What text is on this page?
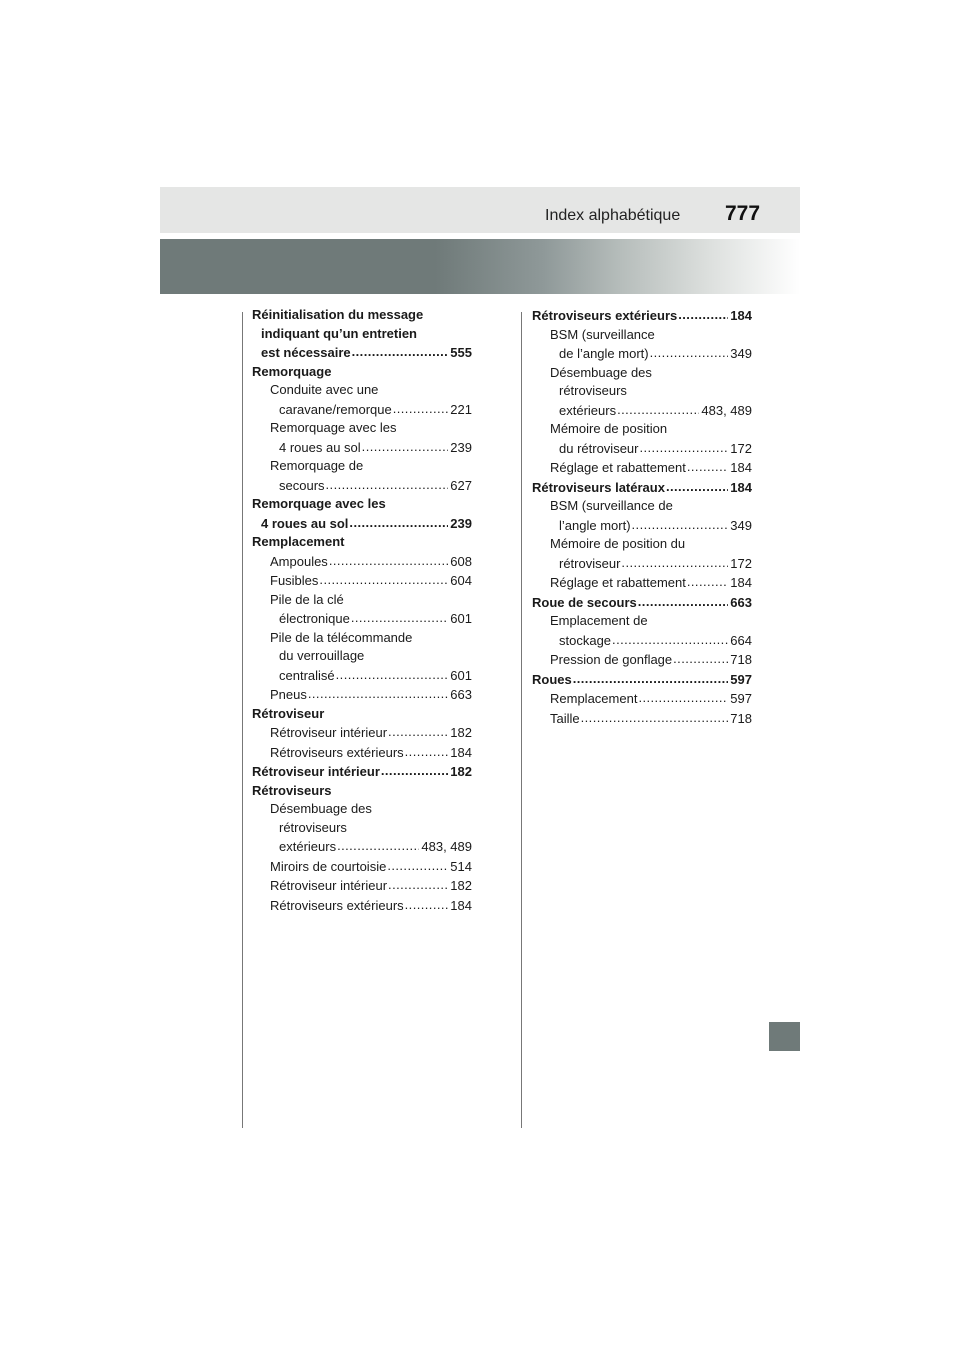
Index alphabétique 777
Réinitialisation du message
indiquant qu’un entretien
est nécessaire . . .	555
Remorquage
Conduite avec une
caravane/remorque . . .	221
Remorquage avec les
4 roues au sol . . .	239
Remorquage de
secours . . .	627
Remorquage avec les
4 roues au sol . . .	239
Remplacement
Ampoules . . .	608
Fusibles . . .	604
Pile de la clé
électronique . . .	601
Pile de la télécommande
du verrouillage
centralisé . . .	601
Pneus . . .	663
Rétroviseur
Rétroviseur intérieur . . .	182
Rétroviseurs extérieurs . . .	184
Rétroviseur intérieur . . .	182
Rétroviseurs
Désembuage des
rétroviseurs
extérieurs . . .	483, 489
Miroirs de courtoisie . . .	514
Rétroviseur intérieur . . .	182
Rétroviseurs extérieurs . . .	184
Rétroviseurs extérieurs . . .	184
BSM (surveillance
de l’angle mort) . . .	349
Désembuage des
rétroviseurs
extérieurs . . .	483, 489
Mémoire de position
du rétroviseur . . .	172
Réglage et rabattement . . .	184
Rétroviseurs latéraux . . .	184
BSM (surveillance de
l’angle mort) . . .	349
Mémoire de position du
rétroviseur . . .	172
Réglage et rabattement . . .	184
Roue de secours . . .	663
Emplacement de
stockage . . .	664
Pression de gonflage . . .	718
Roues . . .	597
Remplacement . . .	597
Taille . . .	718
